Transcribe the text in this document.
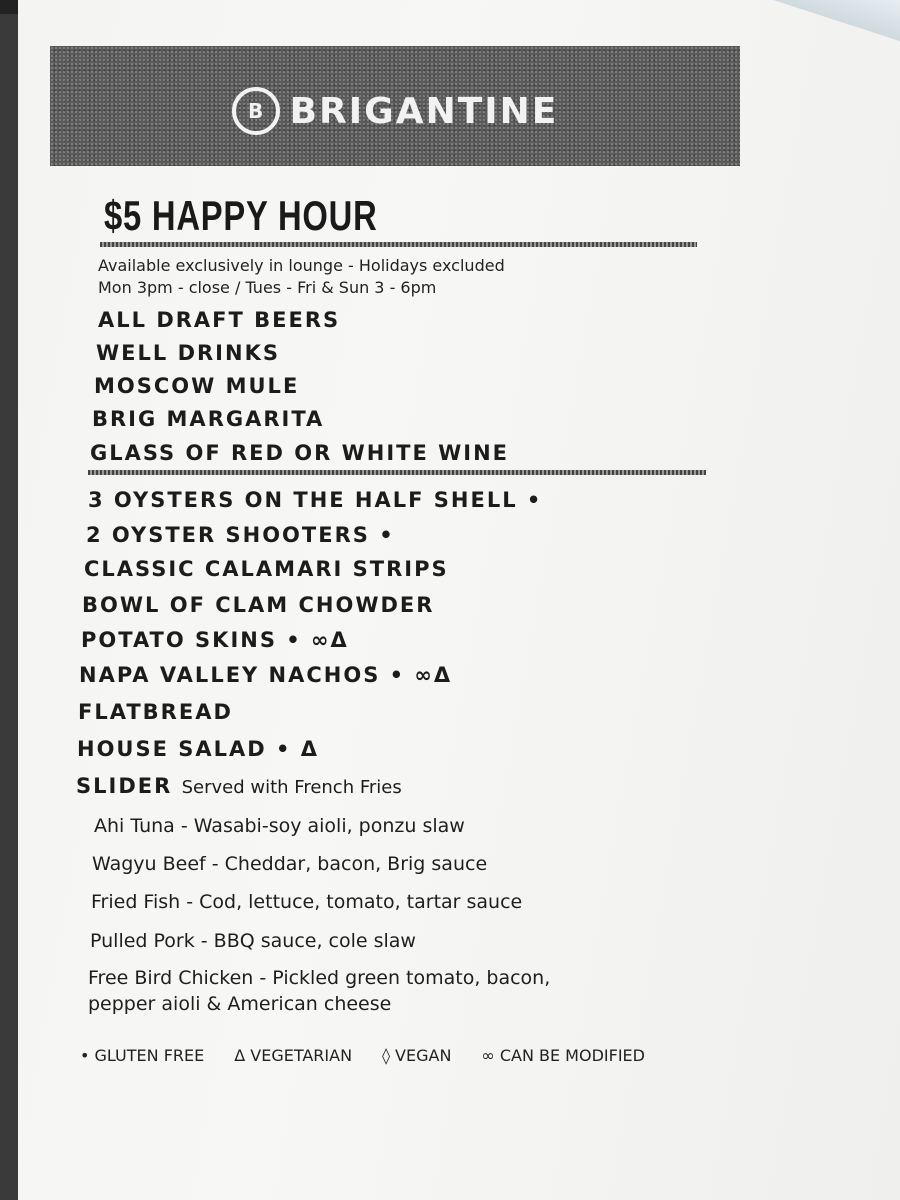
B BRIGANTINE
$5 HAPPY HOUR
Available exclusively in lounge - Holidays excluded
Mon 3pm - close / Tues - Fri & Sun 3 - 6pm
ALL DRAFT BEERS
WELL DRINKS
MOSCOW MULE
BRIG MARGARITA
GLASS OF RED OR WHITE WINE
3 OYSTERS ON THE HALF SHELL •
2 OYSTER SHOOTERS •
CLASSIC CALAMARI STRIPS
BOWL OF CLAM CHOWDER
POTATO SKINS • ∞Δ
NAPA VALLEY NACHOS • ∞Δ
FLATBREAD
HOUSE SALAD • Δ
SLIDER Served with French Fries
Ahi Tuna - Wasabi-soy aioli, ponzu slaw
Wagyu Beef - Cheddar, bacon, Brig sauce
Fried Fish - Cod, lettuce, tomato, tartar sauce
Pulled Pork - BBQ sauce, cole slaw
Free Bird Chicken - Pickled green tomato, bacon,
pepper aioli & American cheese
• GLUTEN FREE Δ VEGETARIAN ◊ VEGAN ∞ CAN BE MODIFIED
